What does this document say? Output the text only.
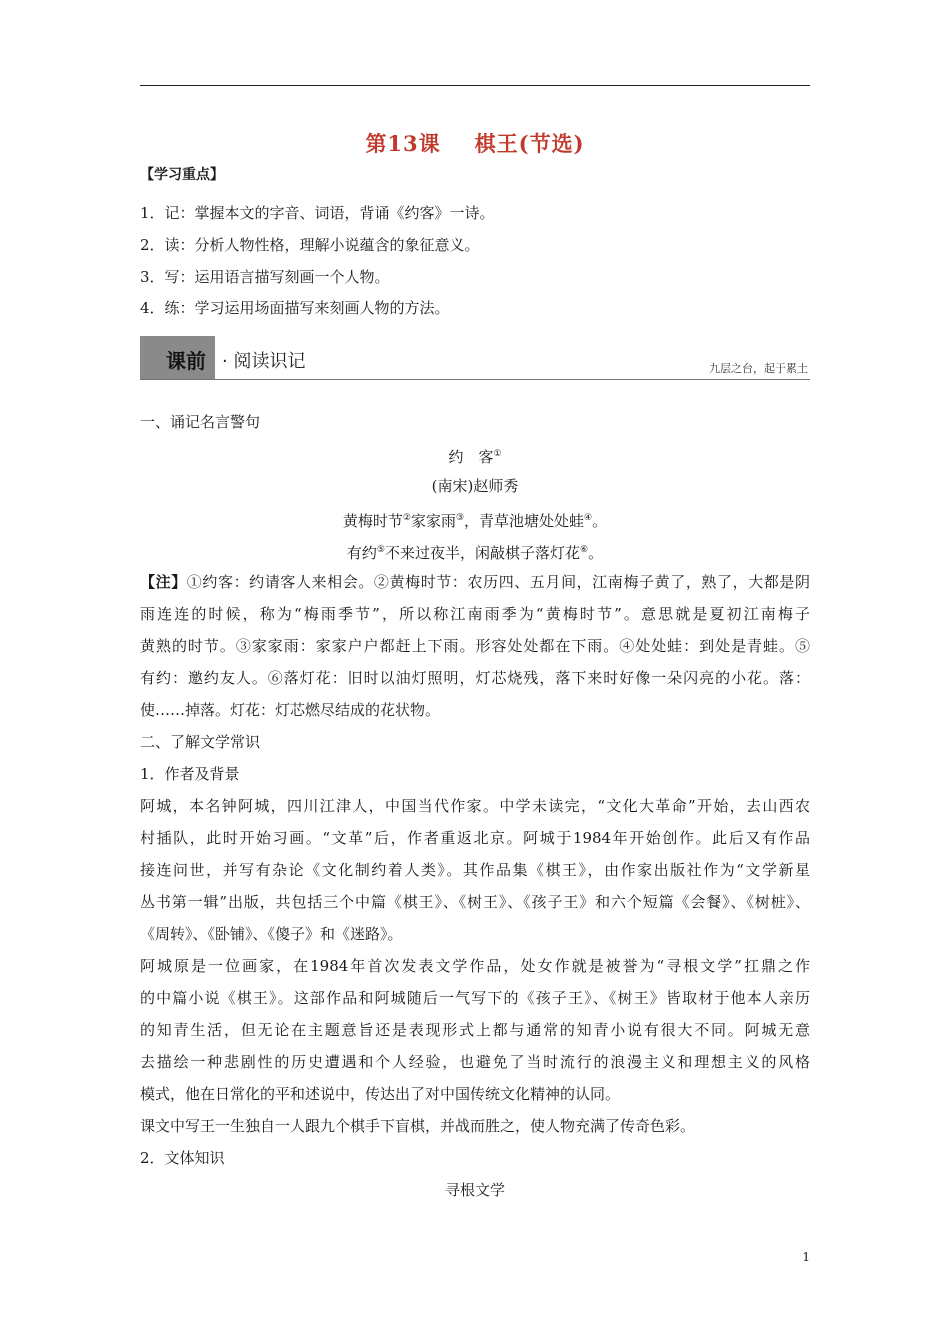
第13课 棋王(节选)
【学习重点】
1．记：掌握本文的字音、词语，背诵《约客》一诗。
2．读：分析人物性格，理解小说蕴含的象征意义。
3．写：运用语言描写刻画一个人物。
4．练：学习运用场面描写来刻画人物的方法。
课前 · 阅读识记	九层之台，起于累土
一、诵记名言警句
约　客①
(南宋)赵师秀
黄梅时节②家家雨③，青草池塘处处蛙④。
有约⑤不来过夜半，闲敲棋子落灯花⑥。
【注】①约客：约请客人来相会。②黄梅时节：农历四、五月间，江南梅子黄了，熟了，大都是阴
雨连连的时候，称为“梅雨季节”，所以称江南雨季为“黄梅时节”。意思就是夏初江南梅子
黄熟的时节。③家家雨：家家户户都赶上下雨。形容处处都在下雨。④处处蛙：到处是青蛙。⑤
有约：邀约友人。⑥落灯花：旧时以油灯照明，灯芯烧残，落下来时好像一朵闪亮的小花。落：
使……掉落。灯花：灯芯燃尽结成的花状物。
二、了解文学常识
1．作者及背景
阿城，本名钟阿城，四川江津人，中国当代作家。中学未读完，“文化大革命”开始，去山西农
村插队，此时开始习画。“文革”后，作者重返北京。阿城于1984年开始创作。此后又有作品
接连问世，并写有杂论《文化制约着人类》。其作品集《棋王》，由作家出版社作为“文学新星
丛书第一辑”出版，共包括三个中篇《棋王》、《树王》、《孩子王》和六个短篇《会餐》、《树桩》、
《周转》、《卧铺》、《傻子》和《迷路》。
阿城原是一位画家，在1984年首次发表文学作品，处女作就是被誉为“寻根文学”扛鼎之作
的中篇小说《棋王》。这部作品和阿城随后一气写下的《孩子王》、《树王》皆取材于他本人亲历
的知青生活，但无论在主题意旨还是表现形式上都与通常的知青小说有很大不同。阿城无意
去描绘一种悲剧性的历史遭遇和个人经验，也避免了当时流行的浪漫主义和理想主义的风格
模式，他在日常化的平和述说中，传达出了对中国传统文化精神的认同。
课文中写王一生独自一人跟九个棋手下盲棋，并战而胜之，使人物充满了传奇色彩。
2．文体知识
寻根文学
1
